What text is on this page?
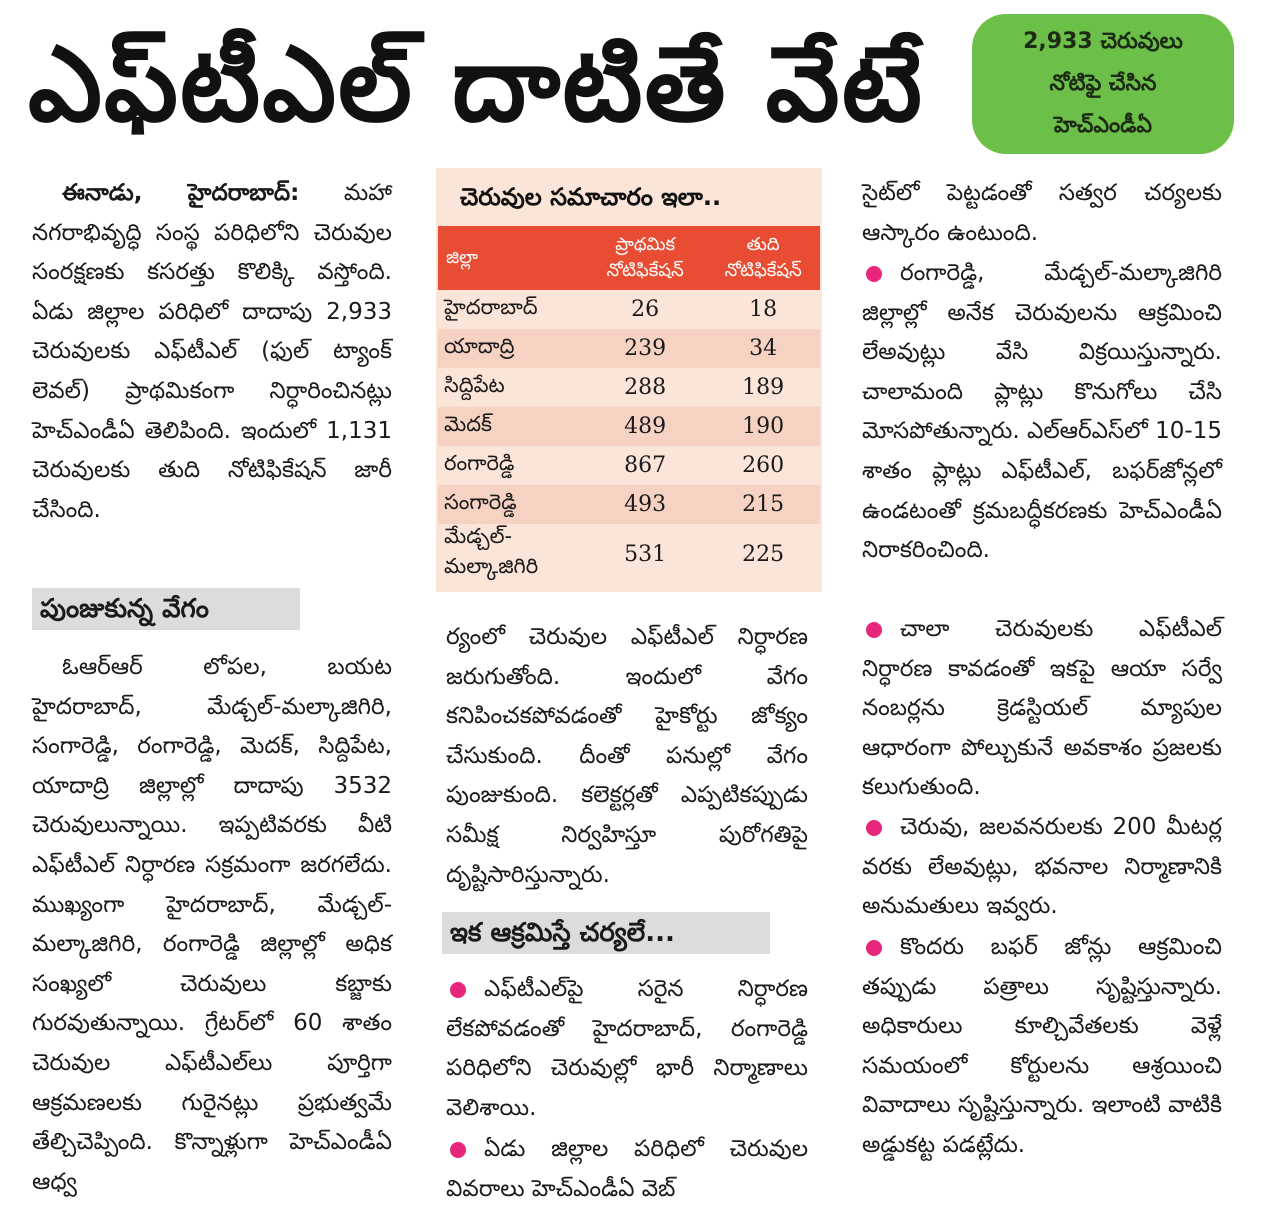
ఎఫ్‌టీఎల్‌ దాటితే వేటే	2,933 చెరువులు
నోటిఫై చేసిన
హెచ్‌ఎండీఏ

ఈనాడు, హైదరాబాద్‌: మహా నగరాభివృద్ధి సంస్థ పరిధిలోని చెరువుల సంరక్షణకు కసరత్తు కొలిక్కి వస్తోంది. ఏడు జిల్లాల పరిధిలో దాదాపు 2,933 చెరువులకు ఎఫ్‌టీఎల్‌ (ఫుల్‌ ట్యాంక్‌ లెవల్‌) ప్రాథమికంగా నిర్ధారించినట్లు హెచ్‌ఎండీఏ తెలిపింది. ఇందులో 1,131 చెరువులకు తుది నోటిఫికేషన్‌ జారీ చేసింది.

పుంజుకున్న వేగం

ఓఆర్‌ఆర్‌ లోపల, బయట హైదరాబాద్‌, మేడ్చల్‌-మల్కాజిగిరి, సంగారెడ్డి, రంగారెడ్డి, మెదక్‌, సిద్దిపేట, యాదాద్రి జిల్లాల్లో దాదాపు 3532 చెరువులున్నాయి. ఇప్పటివరకు వీటి ఎఫ్‌టీఎల్‌ నిర్ధారణ సక్రమంగా జరగలేదు. ముఖ్యంగా హైదరాబాద్‌, మేడ్చల్‌-మల్కాజిగిరి, రంగారెడ్డి జిల్లాల్లో అధిక సంఖ్యలో చెరువులు కబ్జాకు గురవుతున్నాయి. గ్రేటర్‌లో 60 శాతం చెరువుల ఎఫ్‌టీఎల్‌లు పూర్తిగా ఆక్రమణలకు గురైనట్లు ప్రభుత్వమే తేల్చిచెప్పింది. కొన్నాళ్లుగా హెచ్‌ఎండీఏ ఆధ్వ

చెరువుల సమాచారం ఇలా..
జిల్లా	ప్రాథమిక నోటిఫికేషన్‌	తుది నోటిఫికేషన్‌
హైదరాబాద్‌	26	18
యాదాద్రి	239	34
సిద్దిపేట	288	189
మెదక్‌	489	190
రంగారెడ్డి	867	260
సంగారెడ్డి	493	215
మేడ్చల్‌-మల్కాజిగిరి	531	225

ర్యంలో చెరువుల ఎఫ్‌టీఎల్‌ నిర్ధారణ జరుగుతోంది. ఇందులో వేగం కనిపించకపోవడంతో హైకోర్టు జోక్యం చేసుకుంది. దీంతో పనుల్లో వేగం పుంజుకుంది. కలెక్టర్లతో ఎప్పటికప్పుడు సమీక్ష నిర్వహిస్తూ పురోగతిపై దృష్టిసారిస్తున్నారు.

ఇక ఆక్రమిస్తే చర్యలే...

ఎఫ్‌టీఎల్‌పై సరైన నిర్ధారణ లేకపోవడంతో హైదరాబాద్‌, రంగారెడ్డి పరిధిలోని చెరువుల్లో భారీ నిర్మాణాలు వెలిశాయి.

ఏడు జిల్లాల పరిధిలో చెరువుల వివరాలు హెచ్‌ఎండీఏ వెబ్‌

సైట్‌లో పెట్టడంతో సత్వర చర్యలకు ఆస్కారం ఉంటుంది.

రంగారెడ్డి, మేడ్చల్‌-మల్కాజిగిరి జిల్లాల్లో అనేక చెరువులను ఆక్రమించి లేఅవుట్లు వేసి విక్రయిస్తున్నారు. చాలామంది ప్లాట్లు కొనుగోలు చేసి మోసపోతున్నారు. ఎల్‌ఆర్‌ఎస్‌లో 10-15 శాతం ప్లాట్లు ఎఫ్‌టీఎల్‌, బఫర్‌జోన్లలో ఉండటంతో క్రమబద్ధీకరణకు హెచ్‌ఎండీఏ నిరాకరించింది.

చాలా చెరువులకు ఎఫ్‌టీఎల్‌ నిర్ధారణ కావడంతో ఇకపై ఆయా సర్వే నంబర్లను క్రెడస్టియల్‌ మ్యాపుల ఆధారంగా పోల్చుకునే అవకాశం ప్రజలకు కలుగుతుంది.

చెరువు, జలవనరులకు 200 మీటర్ల వరకు లేఅవుట్లు, భవనాల నిర్మాణానికి అనుమతులు ఇవ్వరు.

కొందరు బఫర్‌ జోన్లు ఆక్రమించి తప్పుడు పత్రాలు సృష్టిస్తున్నారు. అధికారులు కూల్చివేతలకు వెళ్లే సమయంలో కోర్టులను ఆశ్రయించి వివాదాలు సృష్టిస్తున్నారు. ఇలాంటి వాటికి అడ్డుకట్ట పడట్లేదు.
